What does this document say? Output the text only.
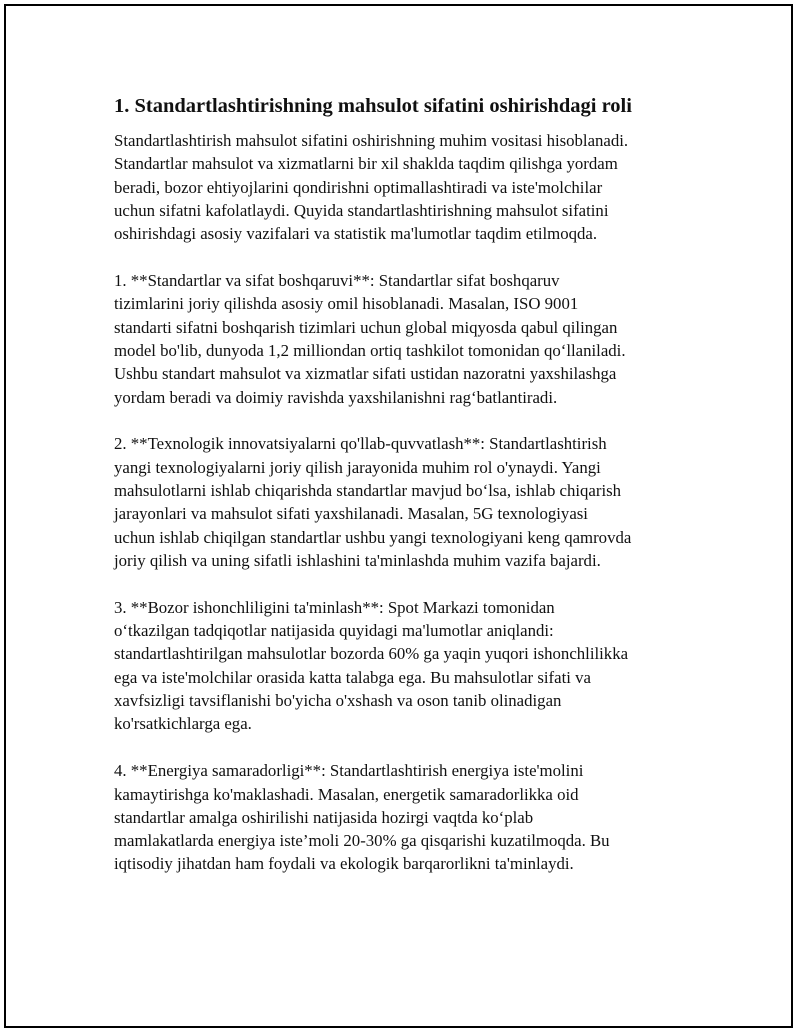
1. Standartlashtirishning mahsulot sifatini oshirishdagi roli

Standartlashtirish mahsulot sifatini oshirishning muhim vositasi hisoblanadi.
Standartlar mahsulot va xizmatlarni bir xil shaklda taqdim qilishga yordam
beradi, bozor ehtiyojlarini qondirishni optimallashtiradi va iste'molchilar
uchun sifatni kafolatlaydi. Quyida standartlashtirishning mahsulot sifatini
oshirishdagi asosiy vazifalari va statistik ma'lumotlar taqdim etilmoqda.

1. **Standartlar va sifat boshqaruvi**: Standartlar sifat boshqaruv
tizimlarini joriy qilishda asosiy omil hisoblanadi. Masalan, ISO 9001
standarti sifatni boshqarish tizimlari uchun global miqyosda qabul qilingan
model bo'lib, dunyoda 1,2 milliondan ortiq tashkilot tomonidan qo‘llaniladi.
Ushbu standart mahsulot va xizmatlar sifati ustidan nazoratni yaxshilashga
yordam beradi va doimiy ravishda yaxshilanishni rag‘batlantiradi.

2. **Texnologik innovatsiyalarni qo'llab-quvvatlash**: Standartlashtirish
yangi texnologiyalarni joriy qilish jarayonida muhim rol o'ynaydi. Yangi
mahsulotlarni ishlab chiqarishda standartlar mavjud bo‘lsa, ishlab chiqarish
jarayonlari va mahsulot sifati yaxshilanadi. Masalan, 5G texnologiyasi
uchun ishlab chiqilgan standartlar ushbu yangi texnologiyani keng qamrovda
joriy qilish va uning sifatli ishlashini ta'minlashda muhim vazifa bajardi.

3. **Bozor ishonchliligini ta'minlash**: Spot Markazi tomonidan
o‘tkazilgan tadqiqotlar natijasida quyidagi ma'lumotlar aniqlandi:
standartlashtirilgan mahsulotlar bozorda 60% ga yaqin yuqori ishonchlilikka
ega va iste'molchilar orasida katta talabga ega. Bu mahsulotlar sifati va
xavfsizligi tavsiflanishi bo'yicha o'xshash va oson tanib olinadigan
ko'rsatkichlarga ega.

4. **Energiya samaradorligi**: Standartlashtirish energiya iste'molini
kamaytirishga ko'maklashadi. Masalan, energetik samaradorlikka oid
standartlar amalga oshirilishi natijasida hozirgi vaqtda ko‘plab
mamlakatlarda energiya iste’moli 20-30% ga qisqarishi kuzatilmoqda. Bu
iqtisodiy jihatdan ham foydali va ekologik barqarorlikni ta'minlaydi.
